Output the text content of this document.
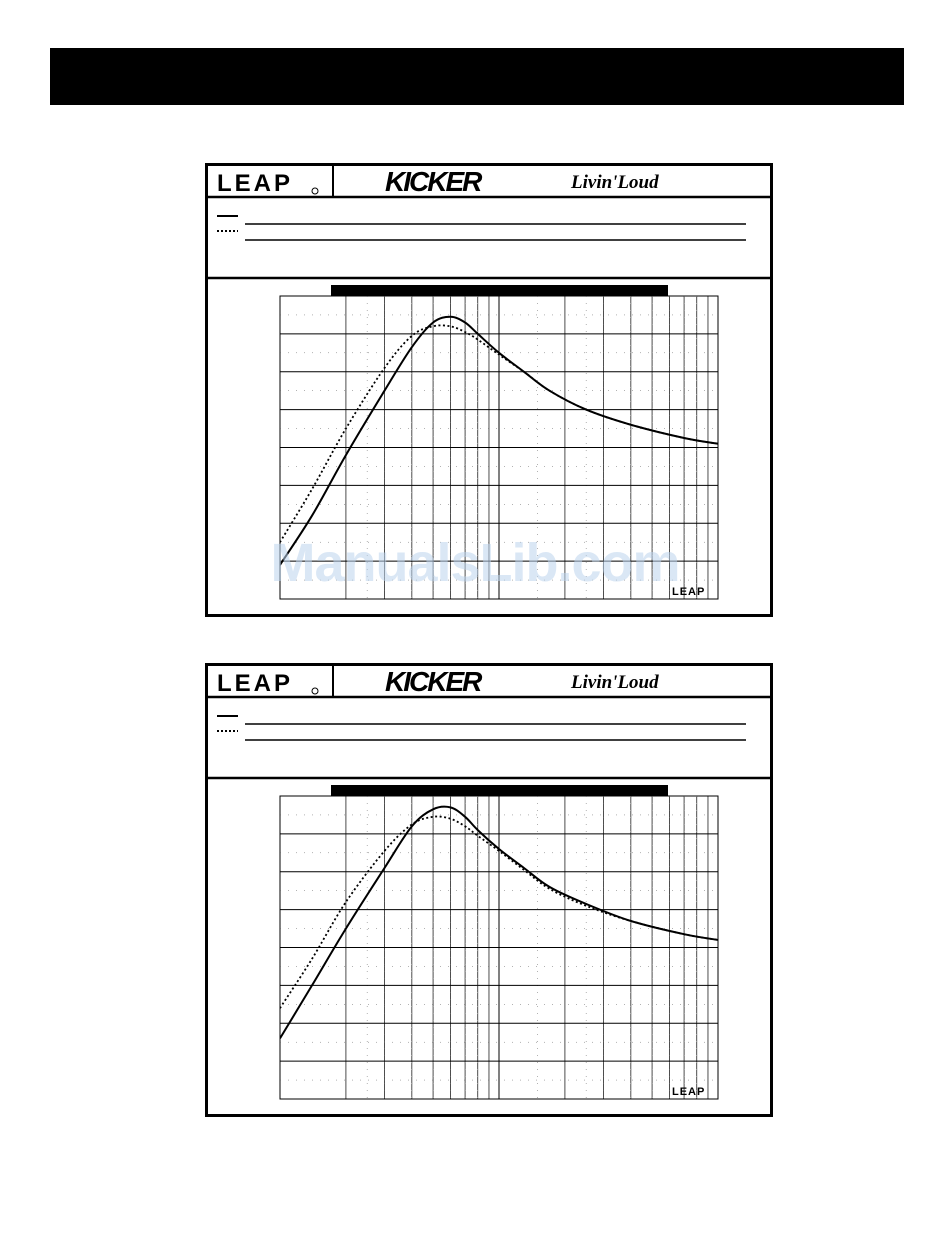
LEAP	KICKER	Livin'Loud
LEAP
LEAP	KICKER	Livin'Loud
LEAP
ManualsLib.com
